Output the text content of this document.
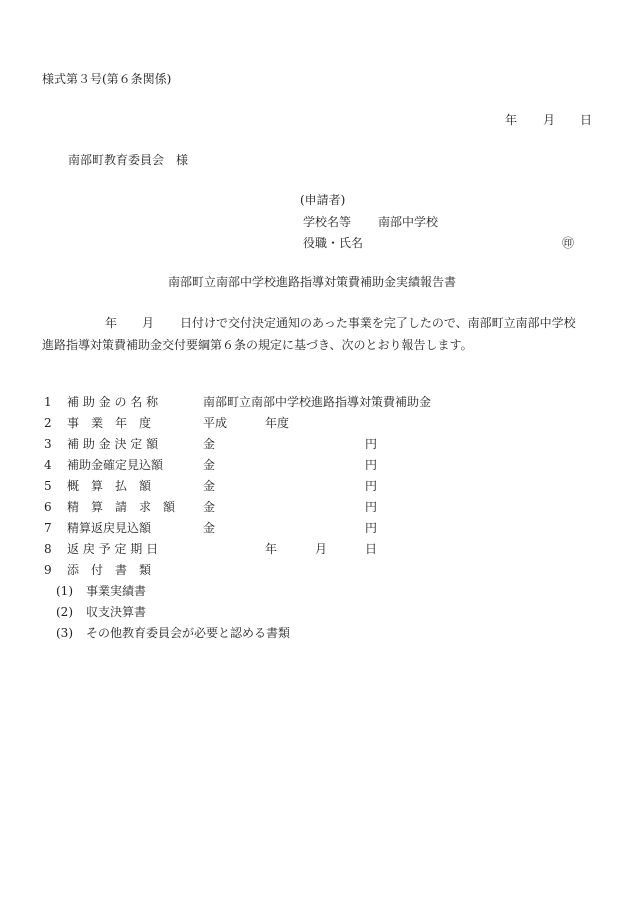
様式第３号(第６条関係)
年 月 日
南部町教育委員会　様
(申請者)
学校名等 南部中学校
役職・氏名	㊞
南部町立南部中学校進路指導対策費補助金実績報告書
年 月 日付けで交付決定通知のあった事業を完了したので、南部町立南部中学校
進路指導対策費補助金交付要綱第６条の規定に基づき、次のとおり報告します。
1 補 助 金 の 名 称	南部町立南部中学校進路指導対策費補助金
2 事　業　年　度	平成	年度
3 補 助 金 決 定 額	金	円
4 補助金確定見込額	金	円
5 概　算　払　額	金	円
6 精　算　請　求　額 金	円
7 精算返戻見込額	金	円
8 返 戻 予 定 期 日	年	月	日
9 添　付　書　類
(1) 事業実績書
(2) 収支決算書
(3) その他教育委員会が必要と認める書類
